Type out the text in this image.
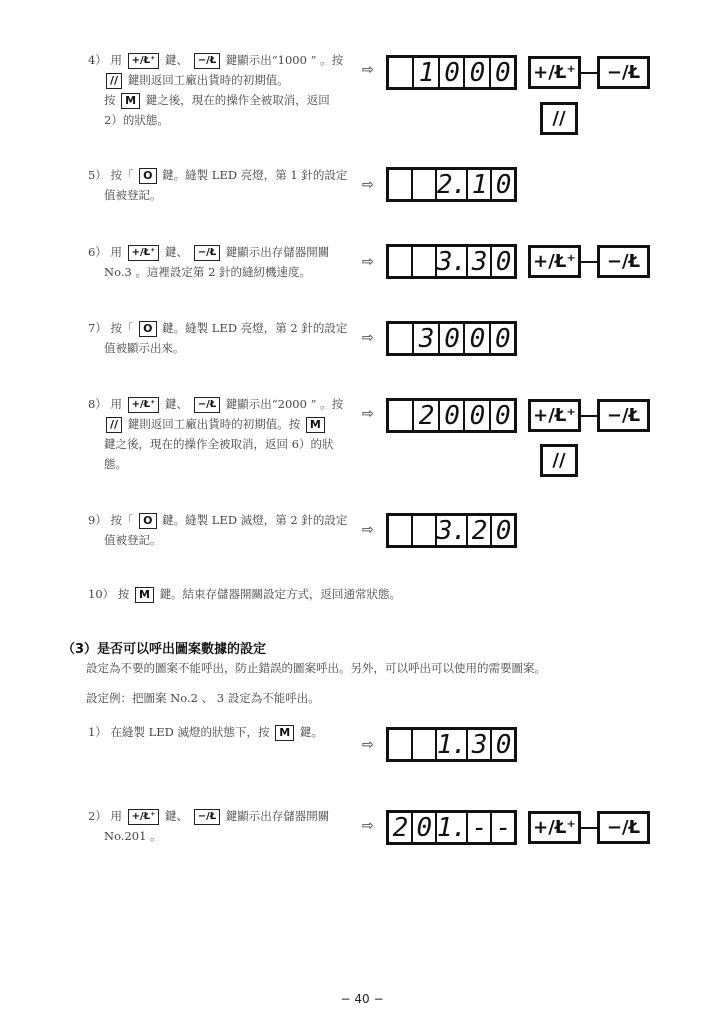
4） 用 +/Ł⁺ 鍵、 −/Ł 鍵顯示出“1000 ” 。按
// 鍵則返回工廠出貨時的初期值。
按 M 鍵之後，現在的操作全被取消，返回
2）的狀態。
⇨ 1 0 0 0 +/Ł⁺	−/Ł
//
5） 按「 O 鍵。縫製 LED 亮燈，第 1 針的設定
值被登記。
⇨ 2. 1 0
6） 用 +/Ł⁺ 鍵、 −/Ł 鍵顯示出存儲器開關
No.3 。這裡設定第 2 針的縫紉機速度。
⇨ 3. 3 0 +/Ł⁺	−/Ł
7） 按「 O 鍵。縫製 LED 亮燈，第 2 針的設定
值被顯示出來。
⇨ 3 0 0 0
8） 用 +/Ł⁺ 鍵、 −/Ł 鍵顯示出“2000 ” 。按
// 鍵則返回工廠出貨時的初期值。按 M
鍵之後，現在的操作全被取消，返回 6）的狀
態。
⇨ 2 0 0 0 +/Ł⁺	−/Ł
//
9） 按「 O 鍵。縫製 LED 滅燈，第 2 針的設定
值被登記。
⇨ 3. 2 0
10） 按 M 鍵。結束存儲器開關設定方式，返回通常狀態。
（3）是否可以呼出圖案數據的設定
設定為不要的圖案不能呼出，防止錯誤的圖案呼出。另外，可以呼出可以使用的需要圖案。
設定例：把圖案 No.2 、 3 設定為不能呼出。
1） 在縫製 LED 滅燈的狀態下，按 M 鍵。
⇨ 1. 3 0
2） 用 +/Ł⁺ 鍵、 −/Ł 鍵顯示出存儲器開關
No.201 。
⇨ 2 0 1. - - +/Ł⁺	−/Ł
− 40 −
